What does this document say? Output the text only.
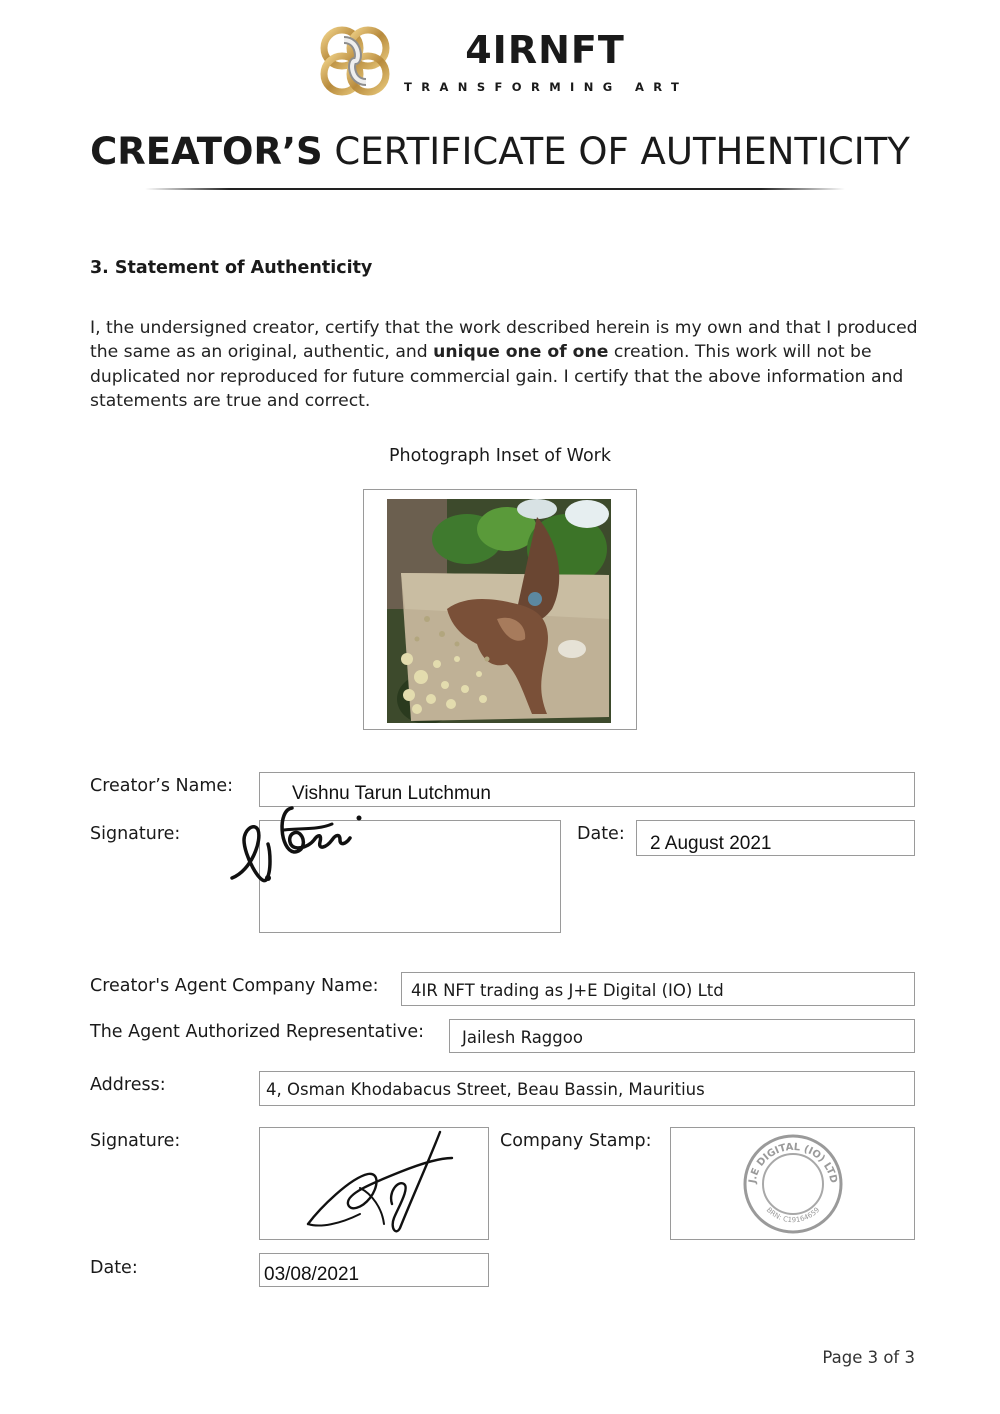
4IRNFT
TRANSFORMING ART
CREATOR’S CERTIFICATE OF AUTHENTICITY
3. Statement of Authenticity
I, the undersigned creator, certify that the work described herein is my own and that I produced the same as an original, authentic, and unique one of one creation. This work will not be duplicated nor reproduced for future commercial gain. I certify that the above information and statements are true and correct.
Photograph Inset of Work
Creator’s Name:	Vishnu Tarun Lutchmun
Signature:	Date: 2 August 2021
Creator's Agent Company Name: 4IR NFT trading as J+E Digital (IO) Ltd
The Agent Authorized Representative: Jailesh Raggoo
Address:	4, Osman Khodabacus Street, Beau Bassin, Mauritius
Signature:	Company Stamp:
J.E DIGITAL (IO) LTD
BRN: C19164659
Date:	03/08/2021
Page 3 of 3
